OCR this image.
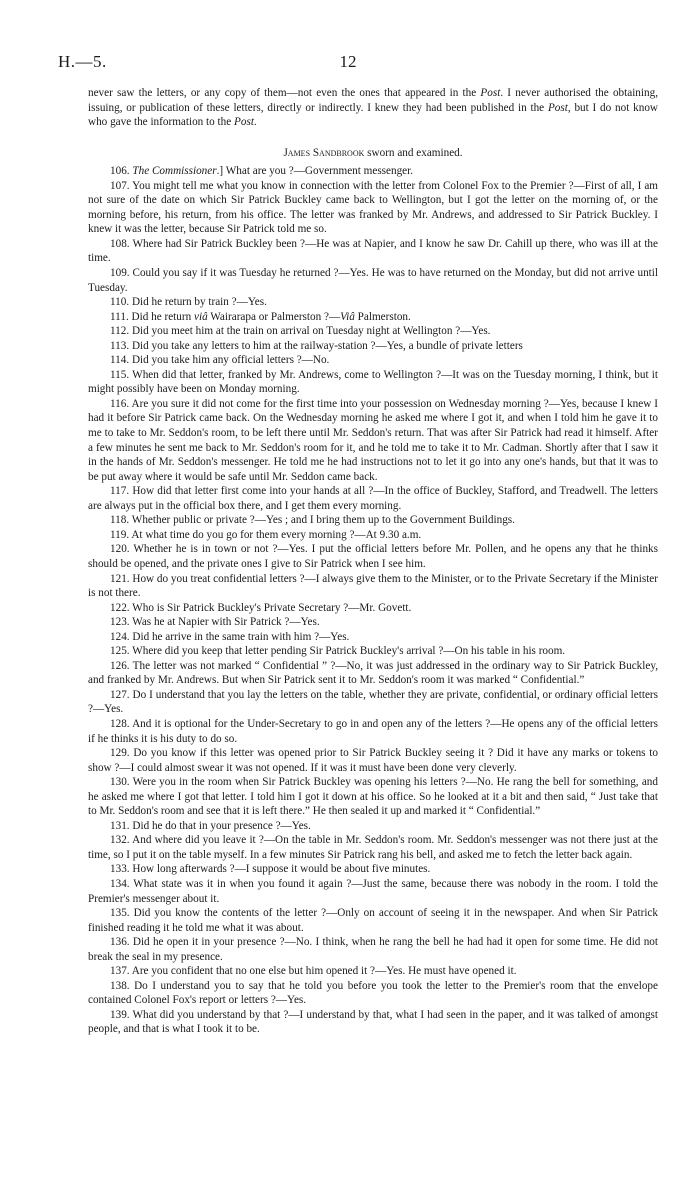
H.—5.	12

never saw the letters, or any copy of them—not even the ones that appeared in the Post. I never authorised the obtaining, issuing, or publication of these letters, directly or indirectly. I knew they had been published in the Post, but I do not know who gave the information to the Post.

James Sandbrook sworn and examined.

106. The Commissioner.] What are you ?—Government messenger.

107. You might tell me what you know in connection with the letter from Colonel Fox to the Premier ?—First of all, I am not sure of the date on which Sir Patrick Buckley came back to Wellington, but I got the letter on the morning of, or the morning before, his return, from his office. The letter was franked by Mr. Andrews, and addressed to Sir Patrick Buckley. I knew it was the letter, because Sir Patrick told me so.

108. Where had Sir Patrick Buckley been ?—He was at Napier, and I know he saw Dr. Cahill up there, who was ill at the time.

109. Could you say if it was Tuesday he returned ?—Yes. He was to have returned on the Monday, but did not arrive until Tuesday.

110. Did he return by train ?—Yes.

111. Did he return viâ Wairarapa or Palmerston ?—Viâ Palmerston.

112. Did you meet him at the train on arrival on Tuesday night at Wellington ?—Yes.

113. Did you take any letters to him at the railway-station ?—Yes, a bundle of private letters

114. Did you take him any official letters ?—No.

115. When did that letter, franked by Mr. Andrews, come to Wellington ?—It was on the Tuesday morning, I think, but it might possibly have been on Monday morning.

116. Are you sure it did not come for the first time into your possession on Wednesday morning ?—Yes, because I knew I had it before Sir Patrick came back. On the Wednesday morning he asked me where I got it, and when I told him he gave it to me to take to Mr. Seddon's room, to be left there until Mr. Seddon's return. That was after Sir Patrick had read it himself. After a few minutes he sent me back to Mr. Seddon's room for it, and he told me to take it to Mr. Cadman. Shortly after that I saw it in the hands of Mr. Seddon's messenger. He told me he had instructions not to let it go into any one's hands, but that it was to be put away where it would be safe until Mr. Seddon came back.

117. How did that letter first come into your hands at all ?—In the office of Buckley, Stafford, and Treadwell. The letters are always put in the official box there, and I get them every morning.

118. Whether public or private ?—Yes ; and I bring them up to the Government Buildings.

119. At what time do you go for them every morning ?—At 9.30 a.m.

120. Whether he is in town or not ?—Yes. I put the official letters before Mr. Pollen, and he opens any that he thinks should be opened, and the private ones I give to Sir Patrick when I see him.

121. How do you treat confidential letters ?—I always give them to the Minister, or to the Private Secretary if the Minister is not there.

122. Who is Sir Patrick Buckley's Private Secretary ?—Mr. Govett.

123. Was he at Napier with Sir Patrick ?—Yes.

124. Did he arrive in the same train with him ?—Yes.

125. Where did you keep that letter pending Sir Patrick Buckley's arrival ?—On his table in his room.

126. The letter was not marked “ Confidential ” ?—No, it was just addressed in the ordinary way to Sir Patrick Buckley, and franked by Mr. Andrews. But when Sir Patrick sent it to Mr. Seddon's room it was marked “ Confidential.”

127. Do I understand that you lay the letters on the table, whether they are private, confidential, or ordinary official letters ?—Yes.

128. And it is optional for the Under-Secretary to go in and open any of the letters ?—He opens any of the official letters if he thinks it is his duty to do so.

129. Do you know if this letter was opened prior to Sir Patrick Buckley seeing it ? Did it have any marks or tokens to show ?—I could almost swear it was not opened. If it was it must have been done very cleverly.

130. Were you in the room when Sir Patrick Buckley was opening his letters ?—No. He rang the bell for something, and he asked me where I got that letter. I told him I got it down at his office. So he looked at it a bit and then said, “ Just take that to Mr. Seddon's room and see that it is left there.” He then sealed it up and marked it “ Confidential.”

131. Did he do that in your presence ?—Yes.

132. And where did you leave it ?—On the table in Mr. Seddon's room. Mr. Seddon's messenger was not there just at the time, so I put it on the table myself. In a few minutes Sir Patrick rang his bell, and asked me to fetch the letter back again.

133. How long afterwards ?—I suppose it would be about five minutes.

134. What state was it in when you found it again ?—Just the same, because there was nobody in the room. I told the Premier's messenger about it.

135. Did you know the contents of the letter ?—Only on account of seeing it in the newspaper. And when Sir Patrick finished reading it he told me what it was about.

136. Did he open it in your presence ?—No. I think, when he rang the bell he had had it open for some time. He did not break the seal in my presence.

137. Are you confident that no one else but him opened it ?—Yes. He must have opened it.

138. Do I understand you to say that he told you before you took the letter to the Premier's room that the envelope contained Colonel Fox's report or letters ?—Yes.

139. What did you understand by that ?—I understand by that, what I had seen in the paper, and it was talked of amongst people, and that is what I took it to be.
